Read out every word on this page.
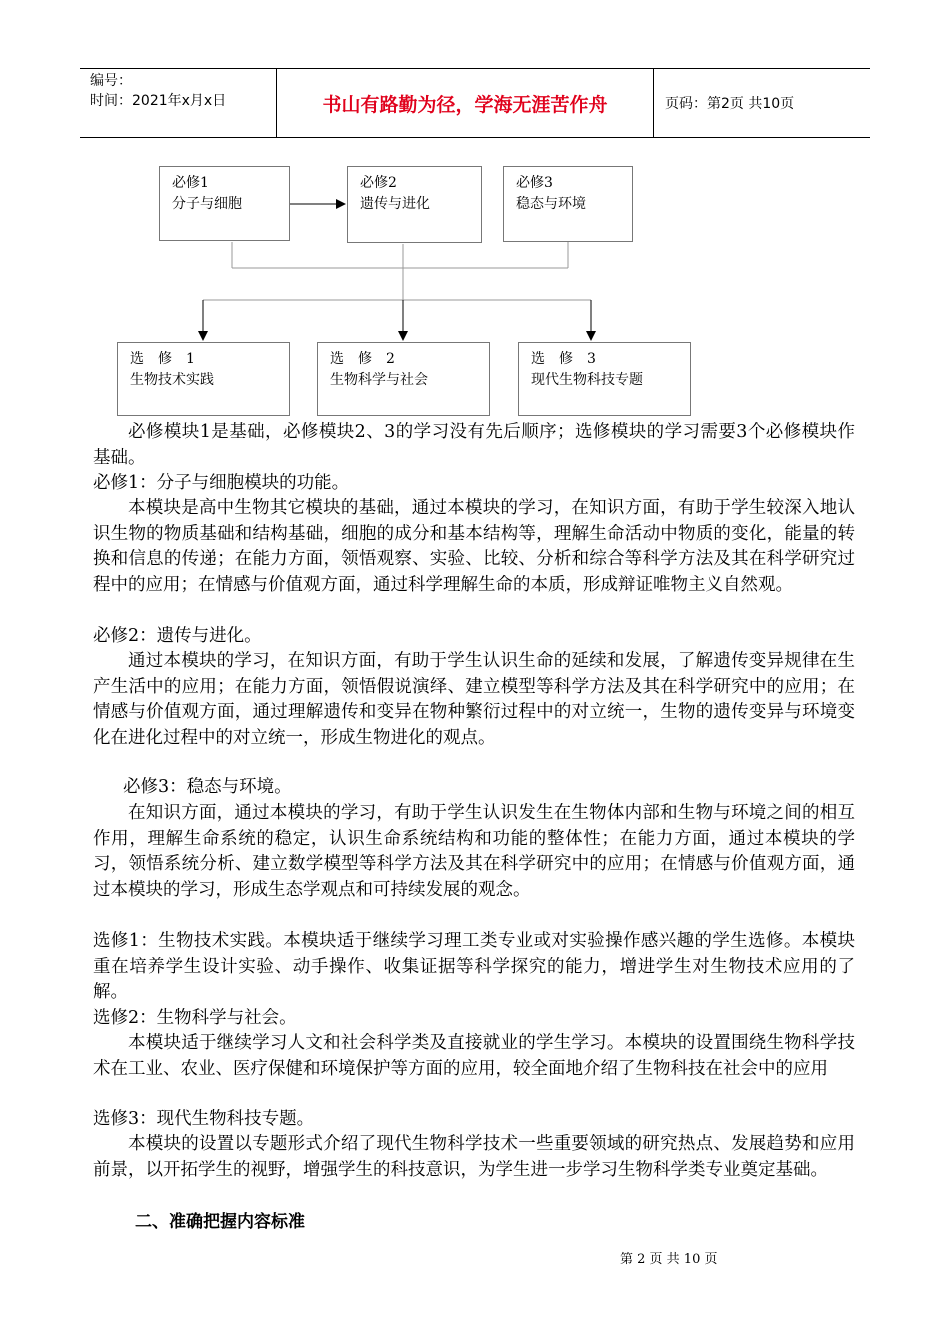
编号：
时间：2021年x月x日	书山有路勤为径，学海无涯苦作舟	页码：第2页 共10页
必修1
分子与细胞
必修2
遗传与进化
必修3
稳态与环境
选　修　1
生物技术实践
选　修　2
生物科学与社会
选　修　3
现代生物科技专题
必修模块1是基础，必修模块2、3的学习没有先后顺序；选修模块的学习需要3个必修模块作基础。
必修1：分子与细胞模块的功能。
本模块是高中生物其它模块的基础，通过本模块的学习，在知识方面，有助于学生较深入地认识生物的物质基础和结构基础，细胞的成分和基本结构等，理解生命活动中物质的变化，能量的转换和信息的传递；在能力方面，领悟观察、实验、比较、分析和综合等科学方法及其在科学研究过程中的应用；在情感与价值观方面，通过科学理解生命的本质，形成辩证唯物主义自然观。
必修2：遗传与进化。
通过本模块的学习，在知识方面，有助于学生认识生命的延续和发展，了解遗传变异规律在生产生活中的应用；在能力方面，领悟假说演绎、建立模型等科学方法及其在科学研究中的应用；在情感与价值观方面，通过理解遗传和变异在物种繁衍过程中的对立统一，生物的遗传变异与环境变化在进化过程中的对立统一，形成生物进化的观点。
必修3：稳态与环境。
在知识方面，通过本模块的学习，有助于学生认识发生在生物体内部和生物与环境之间的相互作用，理解生命系统的稳定，认识生命系统结构和功能的整体性；在能力方面，通过本模块的学习，领悟系统分析、建立数学模型等科学方法及其在科学研究中的应用；在情感与价值观方面，通过本模块的学习，形成生态学观点和可持续发展的观念。
选修1：生物技术实践。本模块适于继续学习理工类专业或对实验操作感兴趣的学生选修。本模块重在培养学生设计实验、动手操作、收集证据等科学探究的能力，增进学生对生物技术应用的了解。
选修2：生物科学与社会。
本模块适于继续学习人文和社会科学类及直接就业的学生学习。本模块的设置围绕生物科学技术在工业、农业、医疗保健和环境保护等方面的应用，较全面地介绍了生物科技在社会中的应用
选修3：现代生物科技专题。
本模块的设置以专题形式介绍了现代生物科学技术一些重要领域的研究热点、发展趋势和应用前景，以开拓学生的视野，增强学生的科技意识，为学生进一步学习生物科学类专业奠定基础。
二、准确把握内容标准
第 2 页 共 10 页
